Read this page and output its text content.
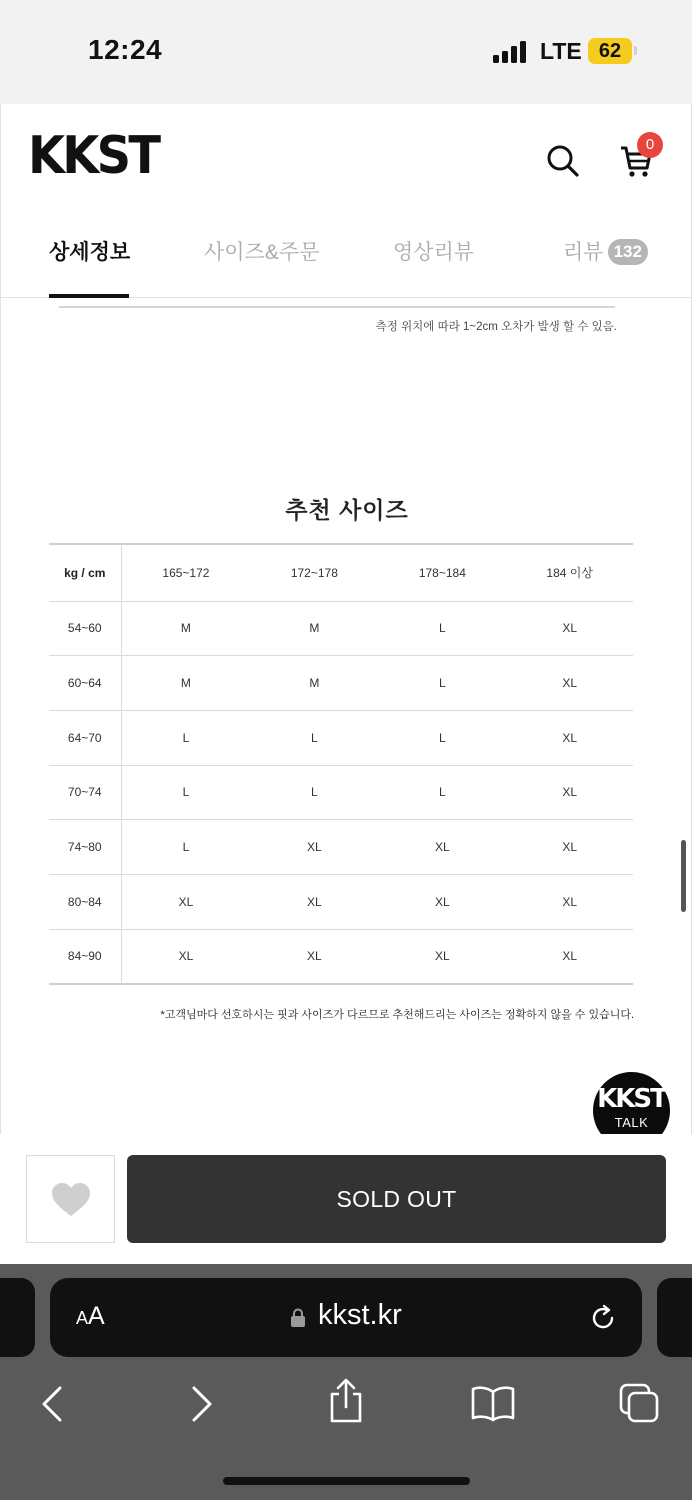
12:24	LTE 62
KKST	0
상세정보	사이즈&주문	영상리뷰	리뷰 132
측정 위치에 따라 1~2cm 오차가 발생 할 수 있음.
추천 사이즈
kg / cm	165~172	172~178	178~184	184 이상
54~60	M	M	L	XL
60~64	M	M	L	XL
64~70	L	L	L	XL
70~74	L	L	L	XL
74~80	L	XL	XL	XL
80~84	XL	XL	XL	XL
84~90	XL	XL	XL	XL
*고객님마다 선호하시는 핏과 사이즈가 다르므로 추천해드리는 사이즈는 정확하지 않을 수 있습니다.
KKST
TALK
SOLD OUT
AA	kkst.kr
